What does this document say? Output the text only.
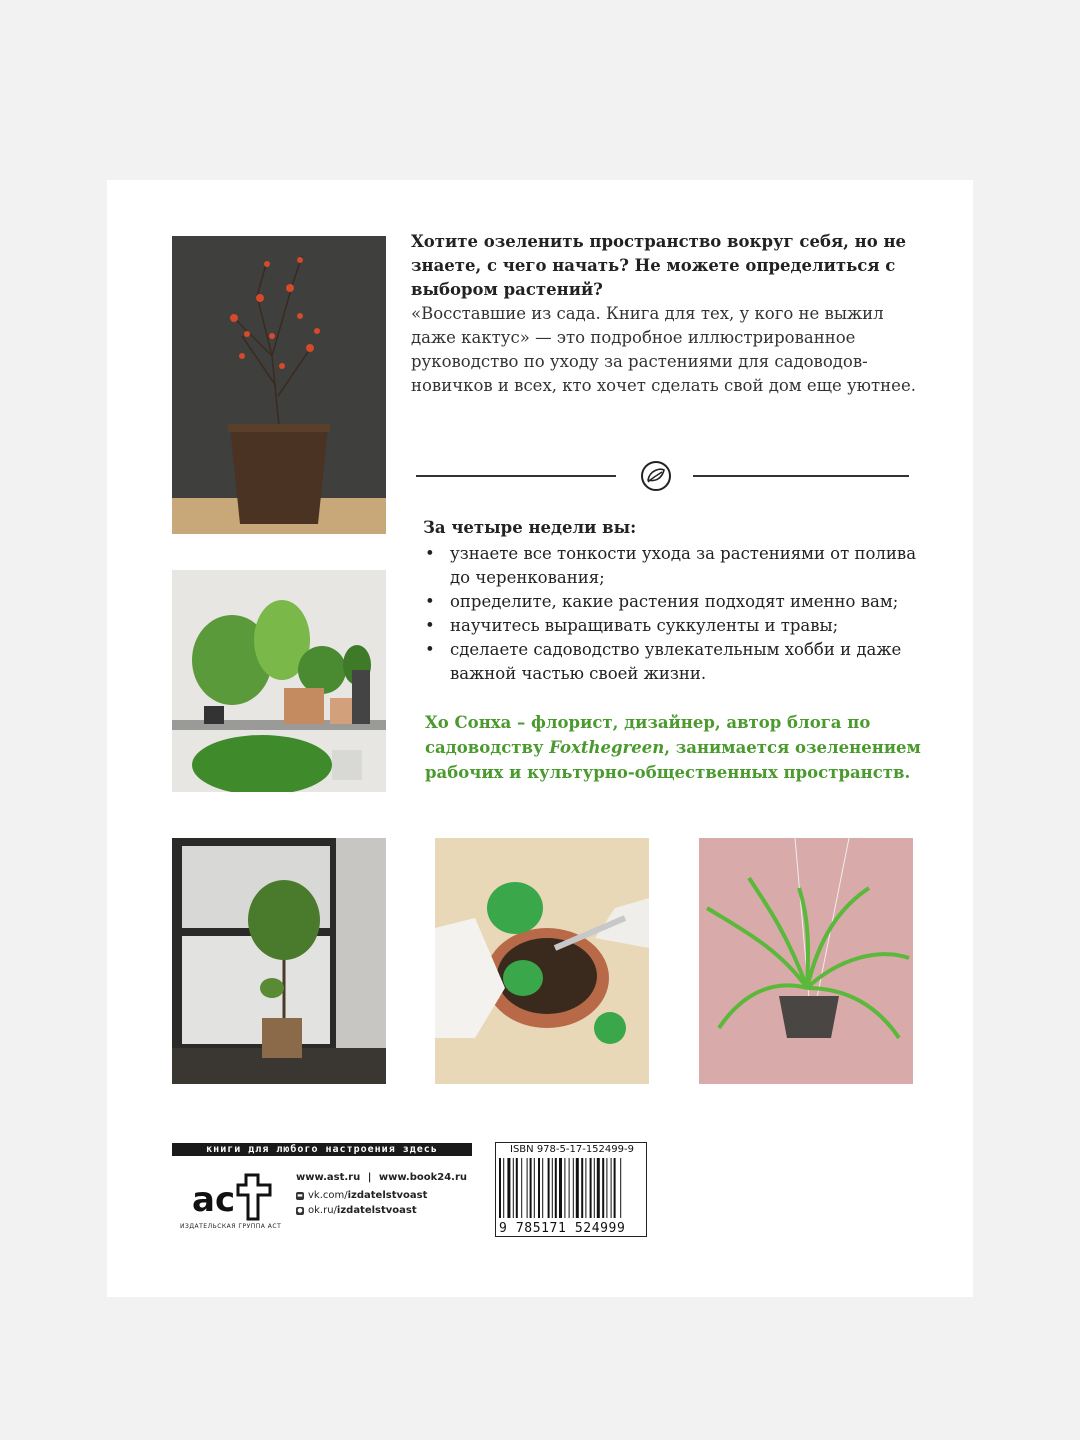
Хотите озеленить пространство вокруг себя, но не знаете, с чего начать? Не можете определиться с выбором растений?

«Восставшие из сада. Книга для тех, у кого не выжил даже кактус» — это подробное иллюстрированное руководство по уходу за растениями для садоводов-новичков и всех, кто хочет сделать свой дом еще уютнее.

За четыре недели вы:

• узнаете все тонкости ухода за растениями от полива до черенкования;
• определите, какие растения подходят именно вам;
• научитесь выращивать суккуленты и травы;
• сделаете садоводство увлекательным хобби и даже важной частью своей жизни.

Хо Сонха – флорист, дизайнер, автор блога по садоводству Foxthegreen, занимается озеленением рабочих и культурно-общественных пространств.

книги для любого настроения здесь
ac
ИЗДАТЕЛЬСКАЯ ГРУППА АСТ
www.ast.ru | www.book24.ru
▬ vk.com/ izdatelstvoast
● ok.ru/ izdatelstvoast
ISBN 978-5-17-152499-9
9 785171 524999
